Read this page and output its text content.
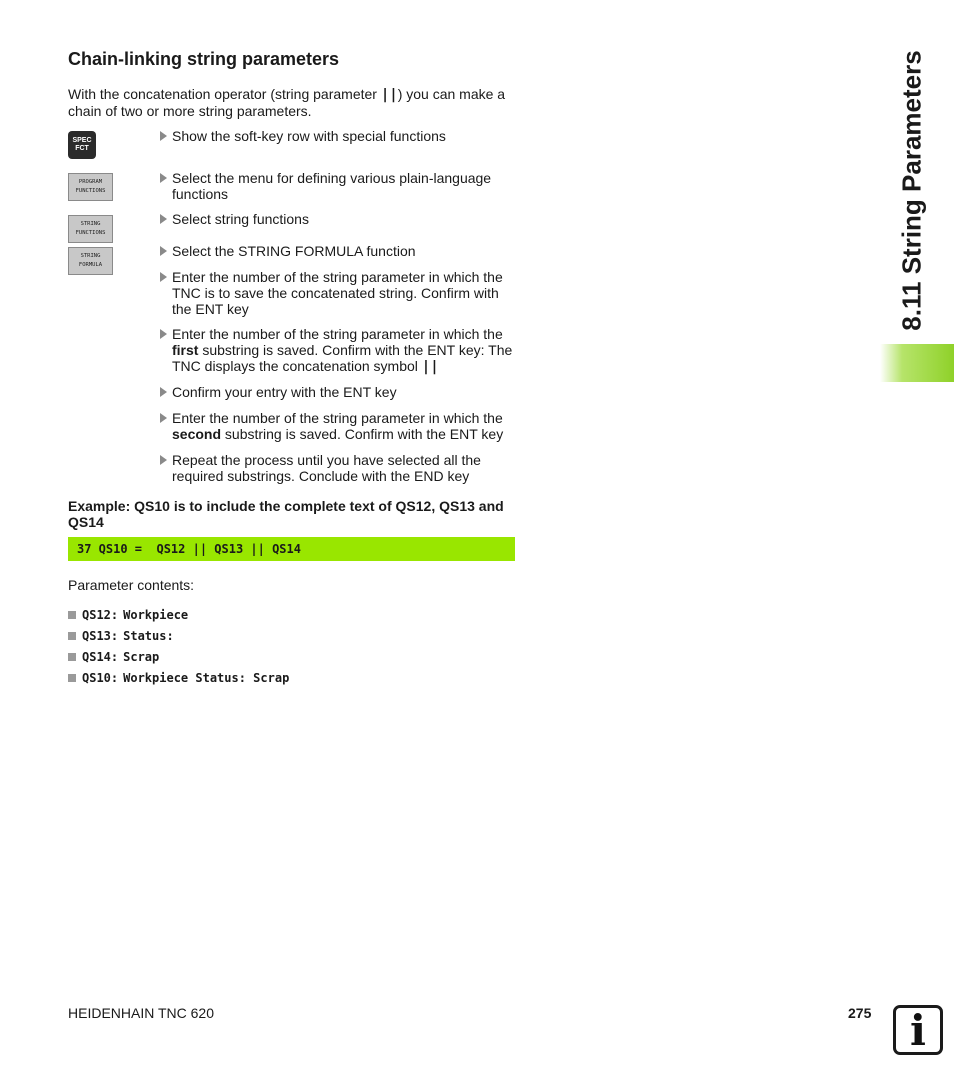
8.11 String Parameters
Chain-linking string parameters

With the concatenation operator (string parameter ||) you can make a chain of two or more string parameters.

SPEC
FCT
PROGRAM
FUNCTIONS
STRING
FUNCTIONS
STRING
FORMULA
Show the soft-key row with special functions
Select the menu for defining various plain-language functions
Select string functions
Select the STRING FORMULA function
Enter the number of the string parameter in which the TNC is to save the concatenated string. Confirm with the ENT key
Enter the number of the string parameter in which the first substring is saved. Confirm with the ENT key: The TNC displays the concatenation symbol ||
Confirm your entry with the ENT key
Enter the number of the string parameter in which the second substring is saved. Confirm with the ENT key
Repeat the process until you have selected all the required substrings. Conclude with the END key

Example: QS10 is to include the complete text of QS12, QS13 and QS14

37 QS10 =  QS12 || QS13 || QS14

Parameter contents:

QS12: Workpiece
QS13: Status:
QS14: Scrap
QS10: Workpiece Status: Scrap
HEIDENHAIN TNC 620	275 i
